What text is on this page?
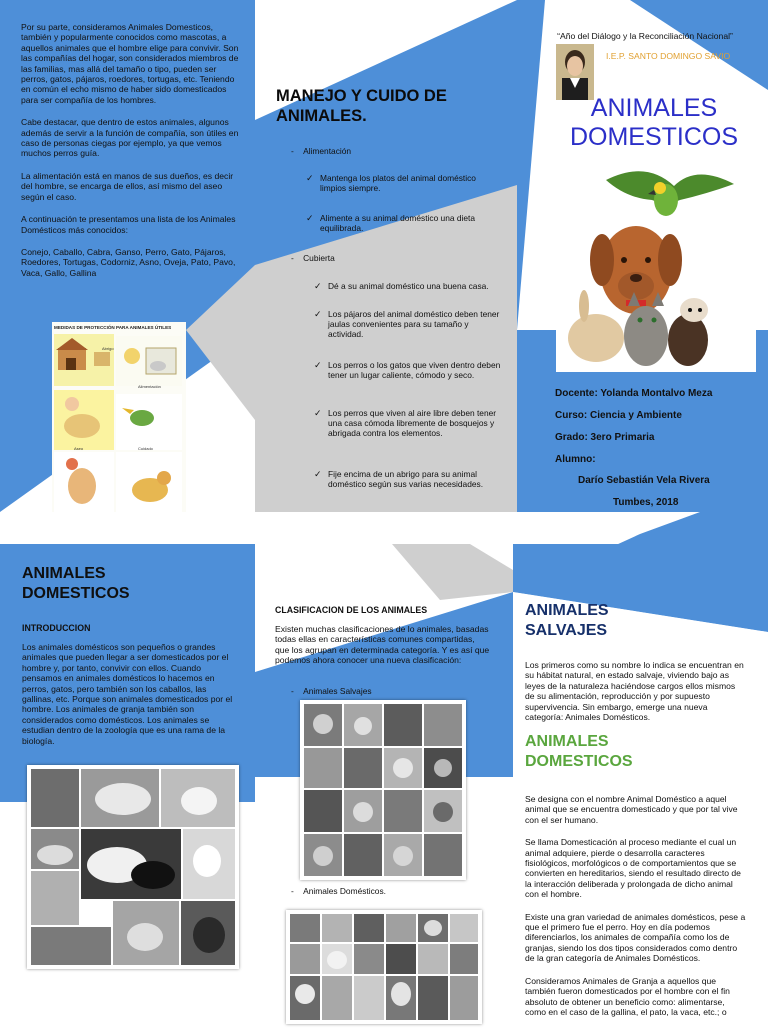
Por su parte, consideramos Animales Domesticos, también y popularmente conocidos como mascotas, a aquellos animales que el hombre elige para convivir. Son las compañías del hogar, son considerados miembros de las familias, mas allá del tamaño o tipo, pueden ser perros, gatos, pájaros, roedores, tortugas, etc. Teniendo en común el echo mismo de haber sido domesticados para ser compañía de los hombres.

Cabe destacar, que dentro de estos animales, algunos además de servir a la función de compañía, son útiles en caso de personas ciegas por ejemplo, ya que vemos muchos perros guía.

La alimentación está en manos de sus dueños, es decir del hombre, se encarga de ellos, así mismo del aseo según el caso.

A continuación te presentamos una lista de los Animales Domésticos más conocidos:

Conejo, Caballo, Cabra, Ganso, Perro, Gato, Pájaros, Roedores, Tortugas, Codorniz, Asno, Oveja, Pato, Pavo, Vaca, Gallo, Gallina

MEDIDAS DE PROTECCIÓN PARA ANIMALES ÚTILES
Abrigo
Alimentación
Aseo	Cuidado
MANEJO Y CUIDO DE ANIMALES.
- Alimentación
✓ Mantenga los platos del animal doméstico limpios siempre.
✓ Alimente a su animal doméstico una dieta equilibrada.
- Cubierta
✓ Dé a su animal doméstico una buena casa.
✓ Los pájaros del animal doméstico deben tener jaulas convenientes para su tamaño y actividad.
✓ Los perros o los gatos que viven dentro deben tener un lugar caliente, cómodo y seco.
✓ Los perros que viven al aire libre deben tener una casa cómoda libremente de bosquejos y abrigada contra los elementos.
✓ Fije encima de un abrigo para su animal doméstico según sus varias necesidades.
“Año del Diálogo y la Reconciliación Nacional”
I.E.P. SANTO DOMINGO SAVIO
ANIMALES
DOMESTICOS
Docente: Yolanda Montalvo Meza
Curso: Ciencia y Ambiente
Grado: 3ero Primaria
Alumno:
Darío Sebastián Vela Rivera
Tumbes, 2018
ANIMALES
DOMESTICOS
INTRODUCCION
Los animales domésticos son pequeños o grandes animales que pueden llegar a ser domesticados por el hombre y, por tanto, convivir con ellos. Cuando pensamos en animales domésticos lo hacemos en perros, gatos, pero también son los caballos, las gallinas, etc. Porque son animales domesticados por el hombre. Los animales de granja también son considerados como domésticos. Los animales se estudian dentro de la zoología que es una rama de la biología.
CLASIFICACION DE LOS ANIMALES
Existen muchas clasificaciones de lo animales, basadas todas ellas en características comunes compartidas, que los agrupan en determinada categoría. Y es así que podemos ahora conocer una nueva clasificación:
- Animales Salvajes
- Animales Domésticos.
ANIMALES
SALVAJES
Los primeros como su nombre lo indica se encuentran en su hábitat natural, en estado salvaje, viviendo bajo as leyes de la naturaleza haciéndose cargos ellos mismos de su alimentación, reproducción y por supuesto supervivencia. Sin embargo, emerge una nueva categoría: Animales Domésticos.
ANIMALES
DOMESTICOS

Se designa con el nombre Animal Doméstico a aquel animal que se encuentra domesticado y que por tal vive con el ser humano.

Se llama Domesticación al proceso mediante el cual un animal adquiere, pierde o desarrolla caracteres fisiológicos, morfológicos o de comportamientos que se convierten en hereditarios, siendo el resultado directo de la interacción deliberada y prolongada de dicho animal con el hombre.

Existe una gran variedad de animales domésticos, pese a que el primero fue el perro. Hoy en día podemos diferenciarlos, los animales de compañía como los de granjas, siendo los dos tipos considerados como dentro de la gran categoría de Animales Domésticos.

Consideramos Animales de Granja a aquellos que también fueron domesticados por el hombre con el fin absoluto de obtener un beneficio como: alimentarse, como en el caso de la gallina, el pato, la vaca, etc.; o
